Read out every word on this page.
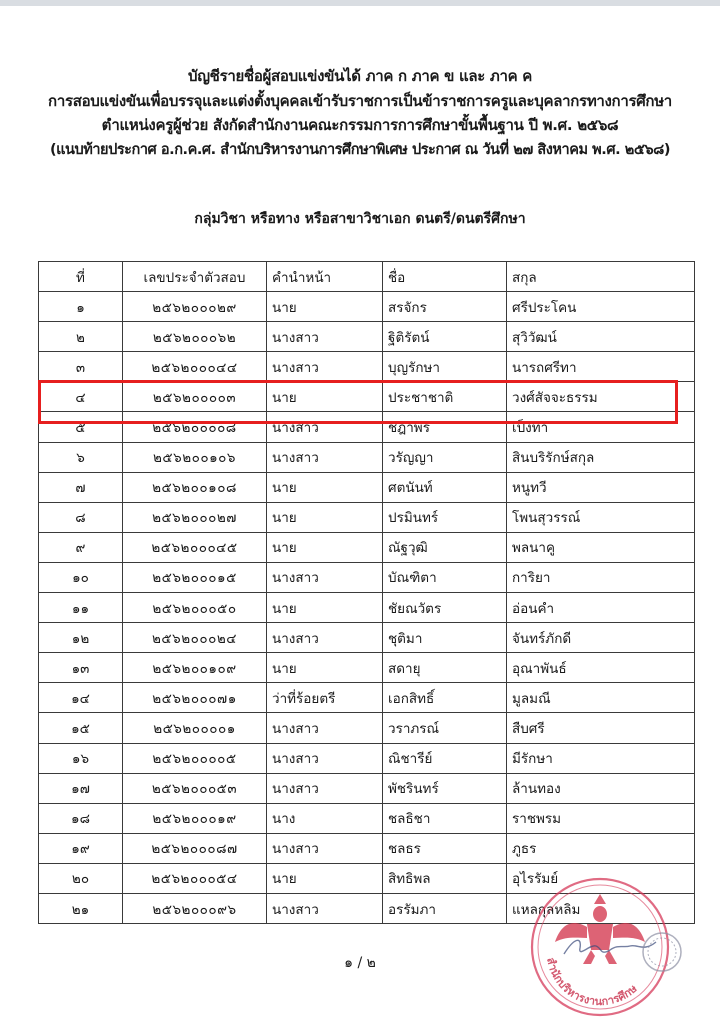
บัญชีรายชื่อผู้สอบแข่งขันได้ ภาค ก ภาค ข และ ภาค ค
การสอบแข่งขันเพื่อบรรจุและแต่งตั้งบุคคลเข้ารับราชการเป็นข้าราชการครูและบุคลากรทางการศึกษา
ตำแหน่งครูผู้ช่วย สังกัดสำนักงานคณะกรรมการการศึกษาขั้นพื้นฐาน ปี พ.ศ. ๒๕๖๘
(แนบท้ายประกาศ อ.ก.ค.ศ. สำนักบริหารงานการศึกษาพิเศษ ประกาศ ณ วันที่ ๒๗ สิงหาคม พ.ศ. ๒๕๖๘)
กลุ่มวิชา หรือทาง หรือสาขาวิชาเอก ดนตรี/ดนตรีศึกษา
ที่	เลขประจำตัวสอบ	คำนำหน้า	ชื่อ	สกุล
๑	๒๕๖๒๐๐๐๒๙	นาย	สรจักร	ศรีประโคน
๒	๒๕๖๒๐๐๐๖๒	นางสาว	ฐิติรัตน์	สุวิวัฒน์
๓	๒๕๖๒๐๐๐๔๔	นางสาว	บุญรักษา	นารถศรีทา
๔	๒๕๖๒๐๐๐๐๓	นาย	ประชาชาติ	วงศ์สัจจะธรรม
๕	๒๕๖๒๐๐๐๐๘	นางสาว	ชฎาพร	เป็งทา
๖	๒๕๖๒๐๐๑๐๖	นางสาว	วรัญญา	สินบริรักษ์สกุล
๗	๒๕๖๒๐๐๑๐๘	นาย	ศตนันท์	หนูทวี
๘	๒๕๖๒๐๐๐๒๗	นาย	ปรมินทร์	โพนสุวรรณ์
๙	๒๕๖๒๐๐๐๔๕	นาย	ณัฐวุฒิ	พลนาคู
๑๐	๒๕๖๒๐๐๐๑๕	นางสาว	บัณฑิตา	การิยา
๑๑	๒๕๖๒๐๐๐๕๐	นาย	ชัยณวัตร	อ่อนคำ
๑๒	๒๕๖๒๐๐๐๒๔	นางสาว	ชุติมา	จันทร์ภักดี
๑๓	๒๕๖๒๐๐๑๐๙	นาย	สดายุ	อุณาพันธ์
๑๔	๒๕๖๒๐๐๐๗๑	ว่าที่ร้อยตรี	เอกสิทธิ์	มูลมณี
๑๕	๒๕๖๒๐๐๐๐๑	นางสาว	วราภรณ์	สืบศรี
๑๖	๒๕๖๒๐๐๐๐๕	นางสาว	ณิชารีย์	มีรักษา
๑๗	๒๕๖๒๐๐๐๕๓	นางสาว	พัชรินทร์	ล้านทอง
๑๘	๒๕๖๒๐๐๐๑๙	นาง	ชลธิชา	ราชพรม
๑๙	๒๕๖๒๐๐๐๘๗	นางสาว	ชลธร	ภูธร
๒๐	๒๕๖๒๐๐๐๕๔	นาย	สิทธิพล	อุไรรัมย์
๒๑	๒๕๖๒๐๐๐๙๖	นางสาว	อรรัมภา	แหลกุลหลิม
สำนักบริหารงานการศึกษ
๑ / ๒
